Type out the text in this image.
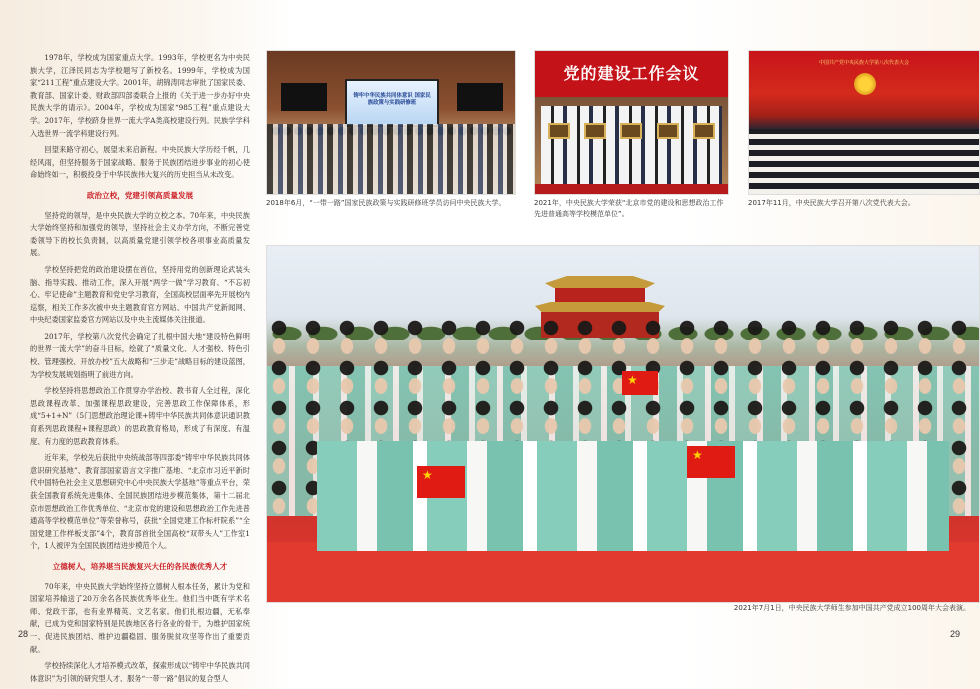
1978年，学校成为国家重点大学。1993年，学校更名为中央民族大学，江泽民同志为学校题写了新校名。1999年，学校成为国家“211工程”重点建设大学。2001年，胡锦涛同志审批了国家民委、教育部、国家计委、财政部四部委联合上报的《关于进一步办好中央民族大学的请示》。2004年，学校成为国家“985工程”重点建设大学。2017年，学校跻身世界一流大学A类高校建设行列。民族学学科入选世界一流学科建设行列。

回望来路守初心，展望未来启新程。中央民族大学历经千帆，几经风雨，但坚持服务于国家战略、服务于民族团结进步事业的初心使命始终如一，积极投身于中华民族伟大复兴的历史担当从未改变。

政治立校，党建引领高质量发展

坚持党的领导，是中央民族大学的立校之本。70年来，中央民族大学始终坚持和加强党的领导，坚持社会主义办学方向，不断完善党委领导下的校长负责制，以高质量党建引领学校各项事业高质量发展。

学校坚持把党的政治建设摆在首位，坚持用党的创新理论武装头脑、指导实践、推动工作，深入开展“两学一做”学习教育、“不忘初心、牢记使命”主题教育和党史学习教育，全国高校层面率先开展校内巡察，相关工作多次被中央主题教育官方网站、中国共产党新闻网、中央纪委国家监委官方网站以及中央主流媒体关注报道。

2017年，学校第八次党代会确定了扎根中国大地“建设特色鲜明的世界一流大学”的奋斗目标，绘就了“质量文化、人才强校、特色引校、管理强校、开放办校”五大战略和“三步走”战略目标的建设蓝图，为学校发展规划指明了前进方向。

学校坚持将思想政治工作贯穿办学治校、教书育人全过程，深化思政课程改革、加强课程思政建设，完善思政工作保障体系，形成“5+1+N”（5门思想政治理论课+铸牢中华民族共同体意识通识教育系列思政课程+课程思政）的思政教育格局，形成了有深度、有温度、有力度的思政教育体系。

近年来，学校先后获批中央统战部等四部委“铸牢中华民族共同体意识研究基地”、教育部国家语言文字推广基地、“北京市习近平新时代中国特色社会主义思想研究中心中央民族大学基地”等重点平台，荣获全国教育系统先进集体、全国民族团结进步模范集体，第十二届北京市思想政治工作优秀单位、“北京市党的建设和思想政治工作先进普通高等学校模范单位”等荣誉称号，获批“全国党建工作标杆院系”“全国党建工作样板支部”4个，教育部首批全国高校“双带头人”工作室1个，1人被评为全国民族团结进步模范个人。

立德树人，培养堪当民族复兴大任的各民族优秀人才

70年来，中央民族大学始终坚持立德树人根本任务，累计为党和国家培养输送了20万余名各民族优秀毕业生。他们当中既有学术名师、党政干部，也有业界精英、文艺名家。他们扎根边疆，无私奉献，已成为党和国家特别是民族地区各行各业的骨干，为维护国家统一、促进民族团结、维护边疆稳固、服务脱贫攻坚等作出了重要贡献。

学校持续深化人才培养模式改革，探索形成以“铸牢中华民族共同体意识”为引领的研究型人才、服务“一带一路”倡议的复合型人

28
铸牢中华民族共同体意识 国家民族政策与实践研修班
2018年6月，“一带一路”国家民族政策与实践研修班学员访问中央民族大学。
党的建设工作会议
2021年，中央民族大学荣获“北京市党的建设和思想政治工作先进普通高等学校模范单位”。
中国共产党中央民族大学第八次代表大会
2017年11月，中央民族大学召开第八次党代表大会。
★
★
★
2021年7月1日，中央民族大学师生参加中国共产党成立100周年大会表演。
29
